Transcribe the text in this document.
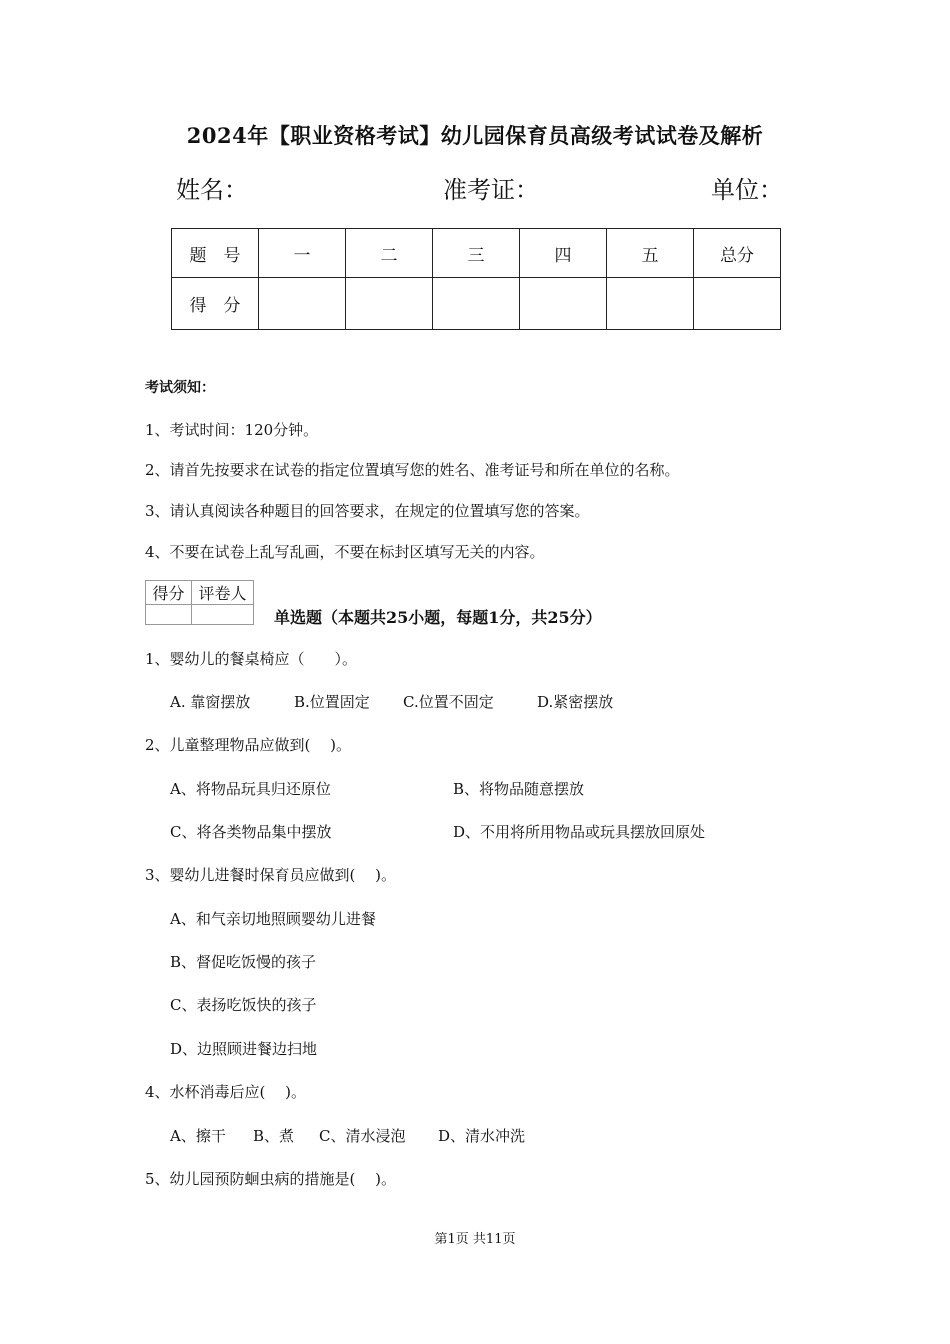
2024年【职业资格考试】幼儿园保育员高级考试试卷及解析
姓名：	准考证：	单位：
题　号	一	二	三	四	五	总分
得　分						
考试须知：
1、考试时间：120分钟。
2、请首先按要求在试卷的指定位置填写您的姓名、准考证号和所在单位的名称。
3、请认真阅读各种题目的回答要求，在规定的位置填写您的答案。
4、不要在试卷上乱写乱画，不要在标封区填写无关的内容。
得分	评卷人

单选题（本题共25小题，每题1分，共25分）
1、婴幼儿的餐桌椅应（　　）。
A. 靠窗摆放	B.位置固定 C.位置不固定	D.紧密摆放
2、儿童整理物品应做到(　 )。
A、将物品玩具归还原位	B、将物品随意摆放
C、将各类物品集中摆放	D、不用将所用物品或玩具摆放回原处
3、婴幼儿进餐时保育员应做到(　 )。
A、和气亲切地照顾婴幼儿进餐
B、督促吃饭慢的孩子
C、表扬吃饭快的孩子
D、边照顾进餐边扫地
4、水杯消毒后应(　 )。
A、擦干 B、煮 C、清水浸泡 D、清水冲洗
5、幼儿园预防蛔虫病的措施是(　 )。
第1页 共11页
